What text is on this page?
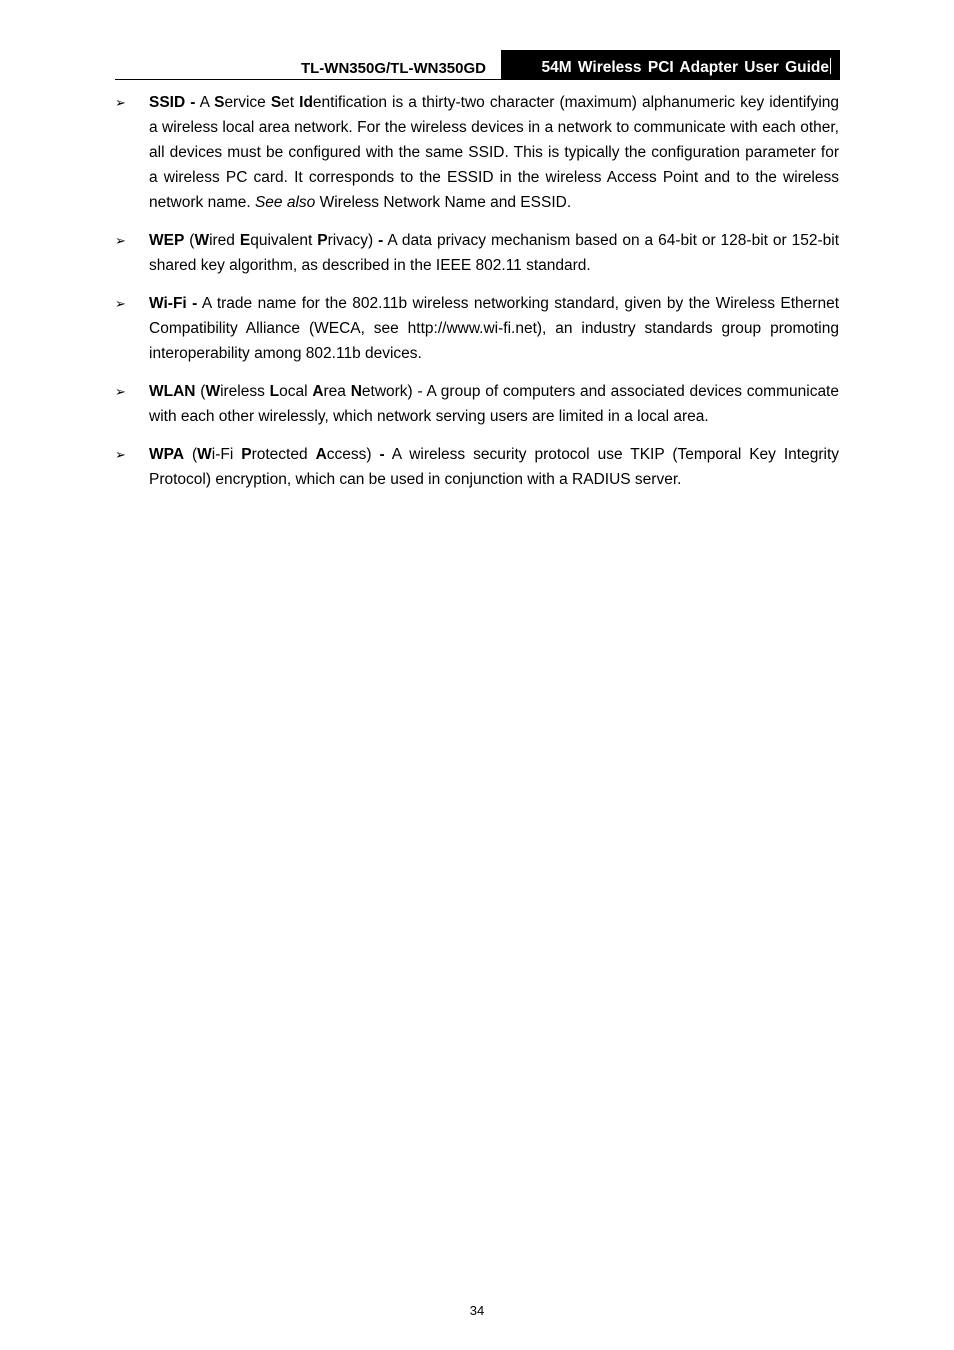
TL-WN350G/TL-WN350GD	54M Wireless PCI Adapter User Guide
➢ SSID - A Service Set Identification is a thirty-two character (maximum) alphanumeric key identifying a wireless local area network. For the wireless devices in a network to communicate with each other, all devices must be configured with the same SSID. This is typically the configuration parameter for a wireless PC card. It corresponds to the ESSID in the wireless Access Point and to the wireless network name. See also Wireless Network Name and ESSID.
➢ WEP (Wired Equivalent Privacy) - A data privacy mechanism based on a 64-bit or 128-bit or 152-bit shared key algorithm, as described in the IEEE 802.11 standard.
➢ Wi-Fi - A trade name for the 802.11b wireless networking standard, given by the Wireless Ethernet Compatibility Alliance (WECA, see http://www.wi-fi.net), an industry standards group promoting interoperability among 802.11b devices.
➢ WLAN (Wireless Local Area Network) - A group of computers and associated devices communicate with each other wirelessly, which network serving users are limited in a local area.
➢ WPA (Wi-Fi Protected Access) - A wireless security protocol use TKIP (Temporal Key Integrity Protocol) encryption, which can be used in conjunction with a RADIUS server.
34
